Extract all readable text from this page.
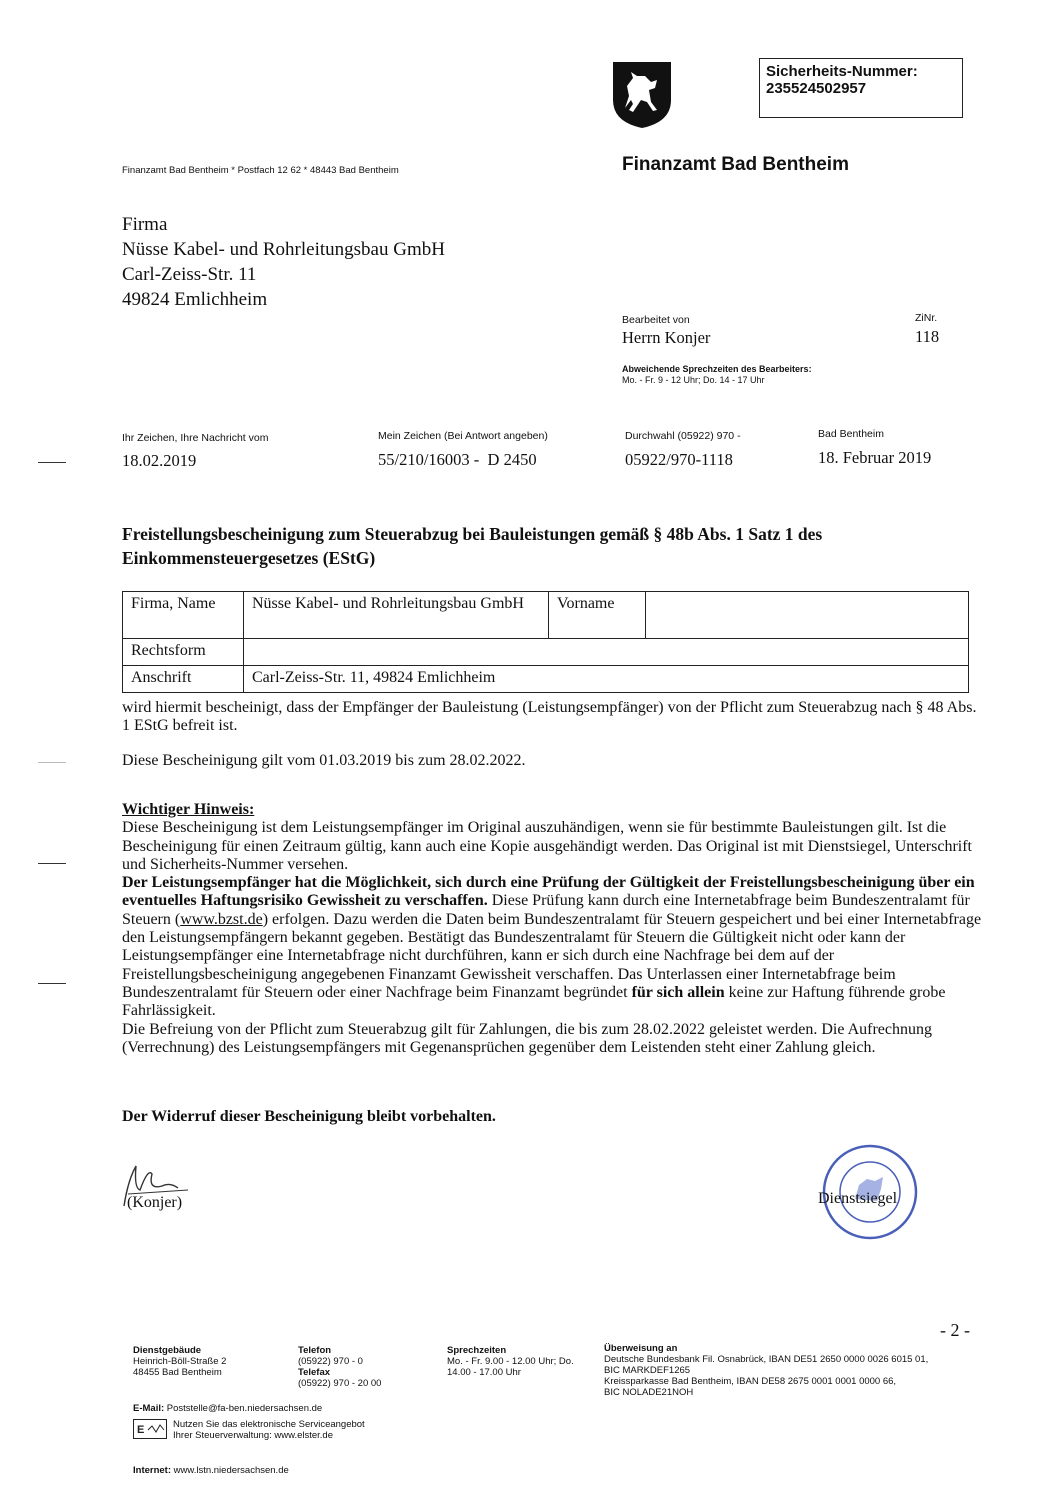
Sicherheits-Nummer:
235524502957
Finanzamt Bad Bentheim * Postfach 12 62 * 48443 Bad Bentheim	Finanzamt Bad Bentheim
Firma
Nüsse Kabel- und Rohrleitungsbau GmbH
Carl-Zeiss-Str. 11
49824 Emlichheim
Bearbeitet von
Herrn Konjer
ZiNr.
118
Abweichende Sprechzeiten des Bearbeiters:
Mo. - Fr. 9 - 12 Uhr; Do. 14 - 17 Uhr
Ihr Zeichen, Ihre Nachricht vom
18.02.2019
Mein Zeichen (Bei Antwort angeben)
55/210/16003 -  D 2450
Durchwahl (05922) 970 -
05922/970-1118
Bad Bentheim
18. Februar 2019
Freistellungsbescheinigung zum Steuerabzug bei Bauleistungen gemäß § 48b Abs. 1 Satz 1 des Einkommensteuergesetzes (EStG)
Firma, Name	Nüsse Kabel- und Rohrleitungsbau GmbH	Vorname	
Rechtsform			
Anschrift	Carl-Zeiss-Str. 11, 49824 Emlichheim		
wird hiermit bescheinigt, dass der Empfänger der Bauleistung (Leistungsempfänger) von der Pflicht zum Steuerabzug nach § 48 Abs. 1 EStG befreit ist.
Diese Bescheinigung gilt vom 01.03.2019 bis zum 28.02.2022.
Wichtiger Hinweis:
Diese Bescheinigung ist dem Leistungsempfänger im Original auszuhändigen, wenn sie für bestimmte Bauleistungen gilt. Ist die Bescheinigung für einen Zeitraum gültig, kann auch eine Kopie ausgehändigt werden. Das Original ist mit Dienstsiegel, Unterschrift und Sicherheits-Nummer versehen.
Der Leistungsempfänger hat die Möglichkeit, sich durch eine Prüfung der Gültigkeit der Freistellungsbescheinigung über ein eventuelles Haftungsrisiko Gewissheit zu verschaffen. Diese Prüfung kann durch eine Internetabfrage beim Bundeszentralamt für Steuern (www.bzst.de) erfolgen. Dazu werden die Daten beim Bundeszentralamt für Steuern gespeichert und bei einer Internetabfrage den Leistungsempfängern bekannt gegeben. Bestätigt das Bundeszentralamt für Steuern die Gültigkeit nicht oder kann der Leistungsempfänger eine Internetabfrage nicht durchführen, kann er sich durch eine Nachfrage bei dem auf der Freistellungsbescheinigung angegebenen Finanzamt Gewissheit verschaffen. Das Unterlassen einer Internetabfrage beim Bundeszentralamt für Steuern oder einer Nachfrage beim Finanzamt begründet für sich allein keine zur Haftung führende grobe Fahrlässigkeit.
Die Befreiung von der Pflicht zum Steuerabzug gilt für Zahlungen, die bis zum 28.02.2022 geleistet werden. Die Aufrechnung (Verrechnung) des Leistungsempfängers mit Gegenansprüchen gegenüber dem Leistenden steht einer Zahlung gleich.
Der Widerruf dieser Bescheinigung bleibt vorbehalten.
(Konjer)	Dienstsiegel
- 2 -
Dienstgebäude
Heinrich-Böll-Straße 2
48455 Bad Bentheim
Telefon
(05922) 970 - 0
Telefax
(05922) 970 - 20 00
Sprechzeiten
Mo. - Fr. 9.00 - 12.00 Uhr; Do.
14.00 - 17.00 Uhr
Überweisung an
Deutsche Bundesbank Fil. Osnabrück, IBAN DE51 2650 0000 0026 6015 01,
BIC MARKDEF1265
Kreissparkasse Bad Bentheim, IBAN DE58 2675 0001 0001 0000 66,
BIC NOLADE21NOH
E-Mail: Poststelle@fa-ben.niedersachsen.de
E	Nutzen Sie das elektronische Serviceangebot
Ihrer Steuerverwaltung: www.elster.de
Internet: www.lstn.niedersachsen.de
